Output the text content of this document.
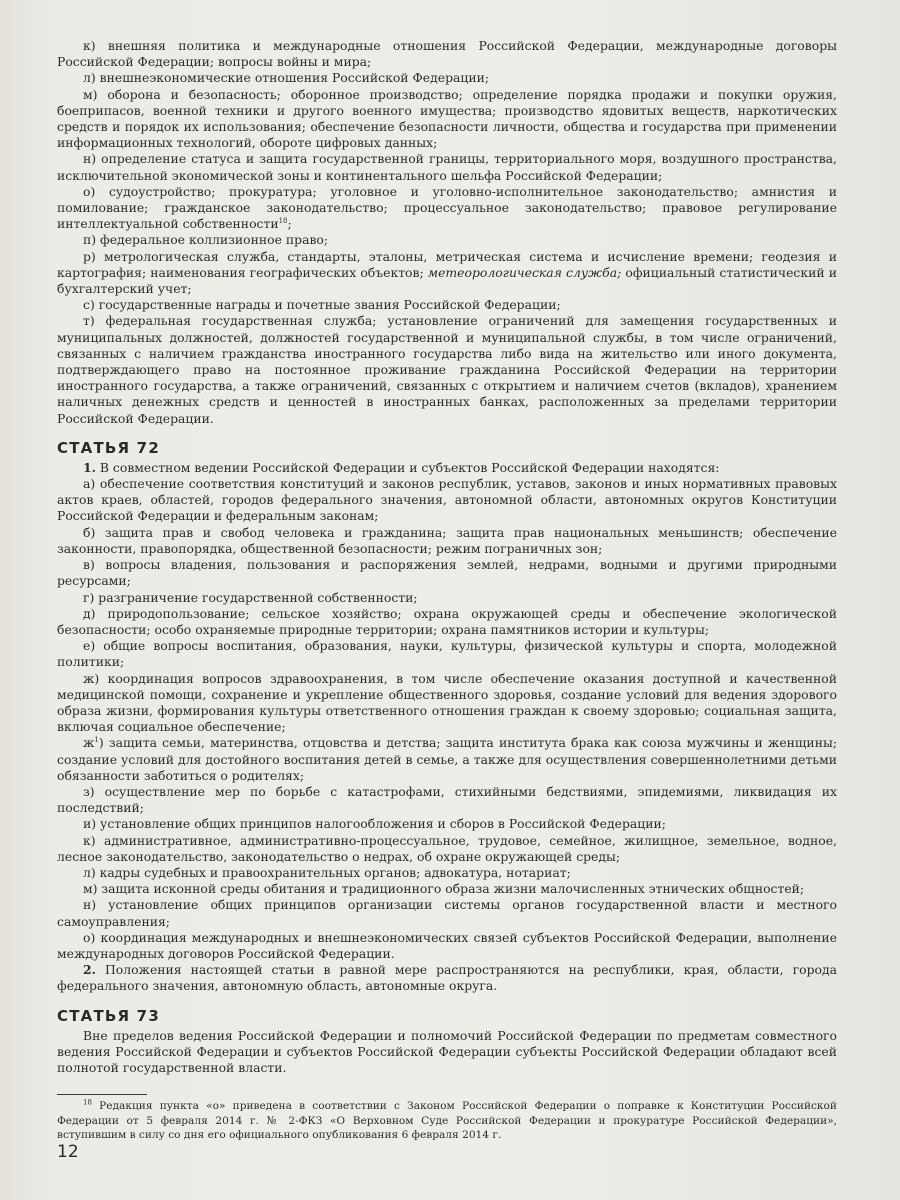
к) внешняя политика и международные отношения Российской Федерации, международные договоры Российской Федерации; вопросы войны и мира;

л) внешнеэкономические отношения Российской Федерации;

м) оборона и безопасность; оборонное производство; определение порядка продажи и покупки оружия, боеприпасов, военной техники и другого военного имущества; производство ядовитых веществ, наркотических средств и порядок их использования; обеспечение безопасности личности, общества и государства при применении информационных технологий, обороте цифровых данных;

н) определение статуса и защита государственной границы, территориального моря, воздушного пространства, исключительной экономической зоны и континентального шельфа Российской Федерации;

о) судоустройство; прокуратура; уголовное и уголовно-исполнительное законодательство; амнистия и помилование; гражданское законодательство; процессуальное законодательство; правовое регулирование интеллектуальной собственности$^{18}$;

п) федеральное коллизионное право;

р) метрологическая служба, стандарты, эталоны, метрическая система и исчисление времени; геодезия и картография; наименования географических объектов; метеорологическая служба; официальный статистический и бухгалтерский учет;

с) государственные награды и почетные звания Российской Федерации;

т) федеральная государственная служба; установление ограничений для замещения государственных и муниципальных должностей, должностей государственной и муниципальной службы, в том числе ограничений, связанных с наличием гражданства иностранного государства либо вида на жительство или иного документа, подтверждающего право на постоянное проживание гражданина Российской Федерации на территории иностранного государства, а также ограничений, связанных с открытием и наличием счетов (вкладов), хранением наличных денежных средств и ценностей в иностранных банках, расположенных за пределами территории Российской Федерации.

СТАТЬЯ 72

1. В совместном ведении Российской Федерации и субъектов Российской Федерации находятся:

а) обеспечение соответствия конституций и законов республик, уставов, законов и иных нормативных правовых актов краев, областей, городов федерального значения, автономной области, автономных округов Конституции Российской Федерации и федеральным законам;

б) защита прав и свобод человека и гражданина; защита прав национальных меньшинств; обеспечение законности, правопорядка, общественной безопасности; режим пограничных зон;

в) вопросы владения, пользования и распоряжения землей, недрами, водными и другими природными ресурсами;

г) разграничение государственной собственности;

д) природопользование; сельское хозяйство; охрана окружающей среды и обеспечение экологической безопасности; особо охраняемые природные территории; охрана памятников истории и культуры;

е) общие вопросы воспитания, образования, науки, культуры, физической культуры и спорта, молодежной политики;

ж) координация вопросов здравоохранения, в том числе обеспечение оказания доступной и качественной медицинской помощи, сохранение и укрепление общественного здоровья, создание условий для ведения здорового образа жизни, формирования культуры ответственного отношения граждан к своему здоровью; социальная защита, включая социальное обеспечение;

$ж^1$) защита семьи, материнства, отцовства и детства; защита института брака как союза мужчины и женщины; создание условий для достойного воспитания детей в семье, а также для осуществления совершеннолетними детьми обязанности заботиться о родителях;

з) осуществление мер по борьбе с катастрофами, стихийными бедствиями, эпидемиями, ликвидация их последствий;

и) установление общих принципов налогообложения и сборов в Российской Федерации;

к) административное, административно-процессуальное, трудовое, семейное, жилищное, земельное, водное, лесное законодательство, законодательство о недрах, об охране окружающей среды;

л) кадры судебных и правоохранительных органов; адвокатура, нотариат;

м) защита исконной среды обитания и традиционного образа жизни малочисленных этнических общностей;

н) установление общих принципов организации системы органов государственной власти и местного самоуправления;

о) координация международных и внешнеэкономических связей субъектов Российской Федерации, выполнение международных договоров Российской Федерации.

2. Положения настоящей статьи в равной мере распространяются на республики, края, области, города федерального значения, автономную область, автономные округа.

СТАТЬЯ 73

Вне пределов ведения Российской Федерации и полномочий Российской Федерации по предметам совместного ведения Российской Федерации и субъектов Российской Федерации субъекты Российской Федерации обладают всей полнотой государственной власти.

$^{18}$ Редакция пункта «о» приведена в соответствии с Законом Российской Федерации о поправке к Конституции Российской Федерации от 5 февраля 2014 г. № 2-ФКЗ «О Верховном Суде Российской Федерации и прокуратуре Российской Федерации», вступившим в силу со дня его официального опубликования 6 февраля 2014 г.

12
